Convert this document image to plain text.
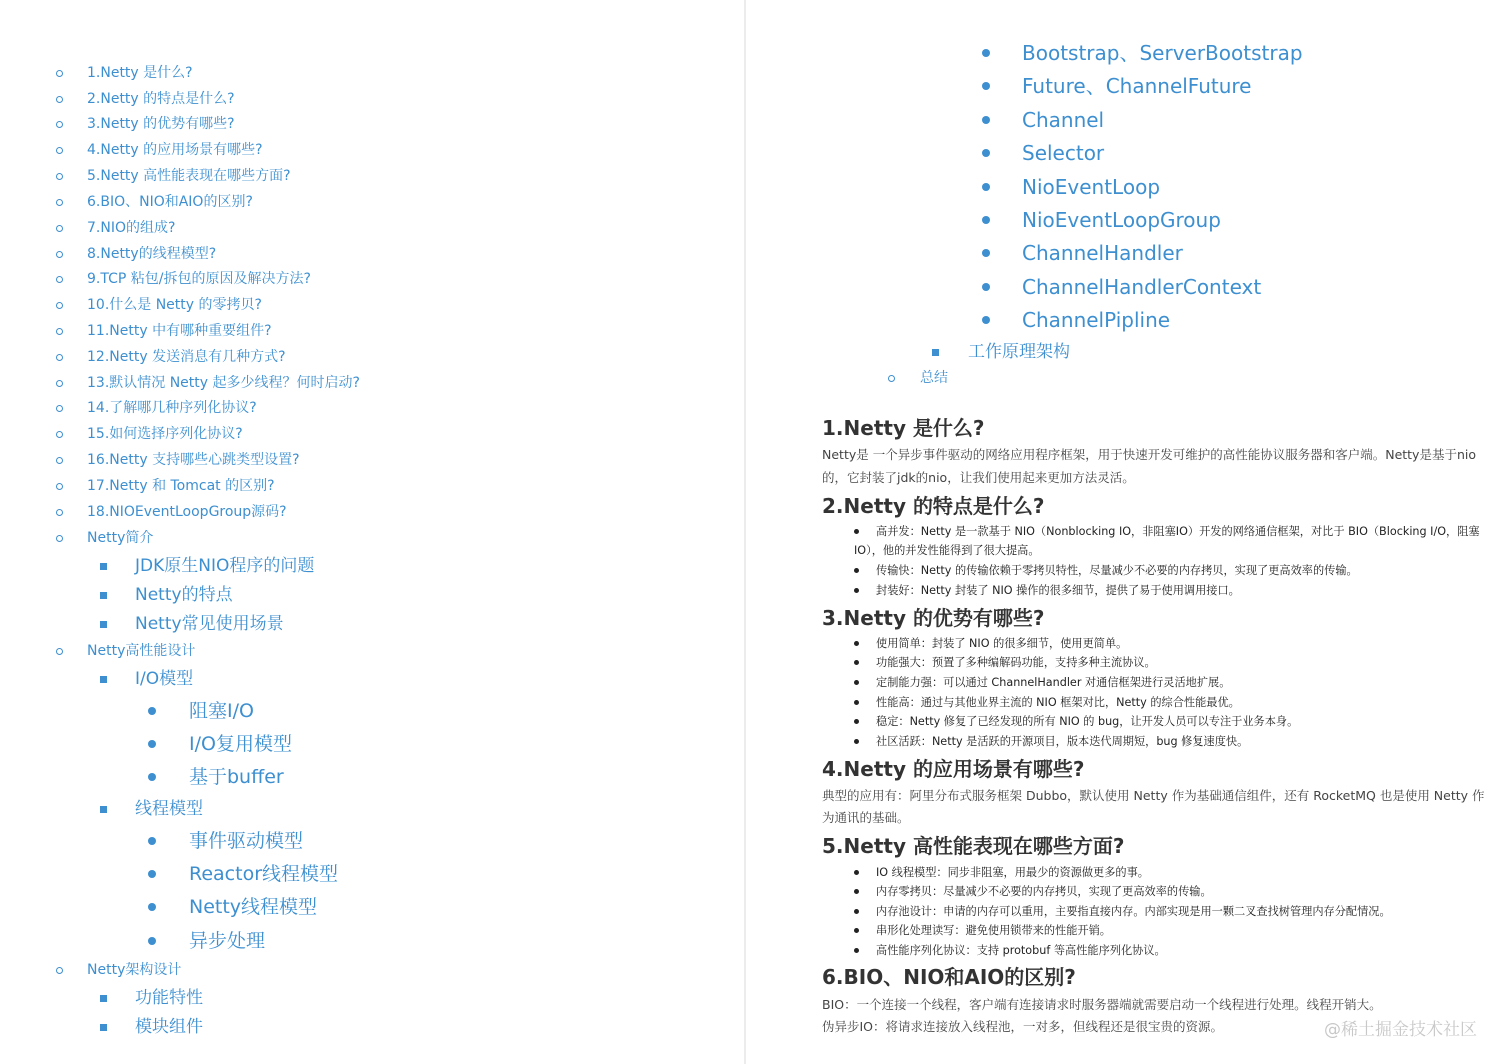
1.Netty 是什么?
2.Netty 的特点是什么?
3.Netty 的优势有哪些?
4.Netty 的应用场景有哪些?
5.Netty 高性能表现在哪些方面?
6.BIO、NIO和AIO的区别?
7.NIO的组成?
8.Netty的线程模型?
9.TCP 粘包/拆包的原因及解决方法?
10.什么是 Netty 的零拷贝?
11.Netty 中有哪种重要组件?
12.Netty 发送消息有几种方式?
13.默认情况 Netty 起多少线程？何时启动?
14.了解哪几种序列化协议?
15.如何选择序列化协议?
16.Netty 支持哪些心跳类型设置?
17.Netty 和 Tomcat 的区别?
18.NIOEventLoopGroup源码?
Netty简介
JDK原生NIO程序的问题
Netty的特点
Netty常见使用场景
Netty高性能设计
I/O模型
阻塞I/O
I/O复用模型
基于buffer
线程模型
事件驱动模型
Reactor线程模型
Netty线程模型
异步处理
Netty架构设计
功能特性
模块组件
Bootstrap、ServerBootstrap
Future、ChannelFuture
Channel
Selector
NioEventLoop
NioEventLoopGroup
ChannelHandler
ChannelHandlerContext
ChannelPipline
工作原理架构
总结
1.Netty 是什么?
Netty是 一个异步事件驱动的网络应用程序框架，用于快速开发可维护的高性能协议服务器和客户端。Netty是基于nio
的，它封装了jdk的nio，让我们使用起来更加方法灵活。
2.Netty 的特点是什么?
高并发：Netty 是一款基于 NIO（Nonblocking IO，非阻塞IO）开发的网络通信框架，对比于 BIO（Blocking I/O，阻塞
IO），他的并发性能得到了很大提高。
传输快：Netty 的传输依赖于零拷贝特性，尽量减少不必要的内存拷贝，实现了更高效率的传输。
封装好：Netty 封装了 NIO 操作的很多细节，提供了易于使用调用接口。
3.Netty 的优势有哪些?
使用简单：封装了 NIO 的很多细节，使用更简单。
功能强大：预置了多种编解码功能，支持多种主流协议。
定制能力强：可以通过 ChannelHandler 对通信框架进行灵活地扩展。
性能高：通过与其他业界主流的 NIO 框架对比，Netty 的综合性能最优。
稳定：Netty 修复了已经发现的所有 NIO 的 bug，让开发人员可以专注于业务本身。
社区活跃：Netty 是活跃的开源项目，版本迭代周期短，bug 修复速度快。
4.Netty 的应用场景有哪些?
典型的应用有：阿里分布式服务框架 Dubbo，默认使用 Netty 作为基础通信组件，还有 RocketMQ 也是使用 Netty 作
为通讯的基础。
5.Netty 高性能表现在哪些方面?
IO 线程模型：同步非阻塞，用最少的资源做更多的事。
内存零拷贝：尽量减少不必要的内存拷贝，实现了更高效率的传输。
内存池设计：申请的内存可以重用，主要指直接内存。内部实现是用一颗二叉查找树管理内存分配情况。
串形化处理读写：避免使用锁带来的性能开销。
高性能序列化协议：支持 protobuf 等高性能序列化协议。
6.BIO、NIO和AIO的区别?
BIO：一个连接一个线程，客户端有连接请求时服务器端就需要启动一个线程进行处理。线程开销大。
伪异步IO：将请求连接放入线程池，一对多，但线程还是很宝贵的资源。	@稀土掘金技术社区
